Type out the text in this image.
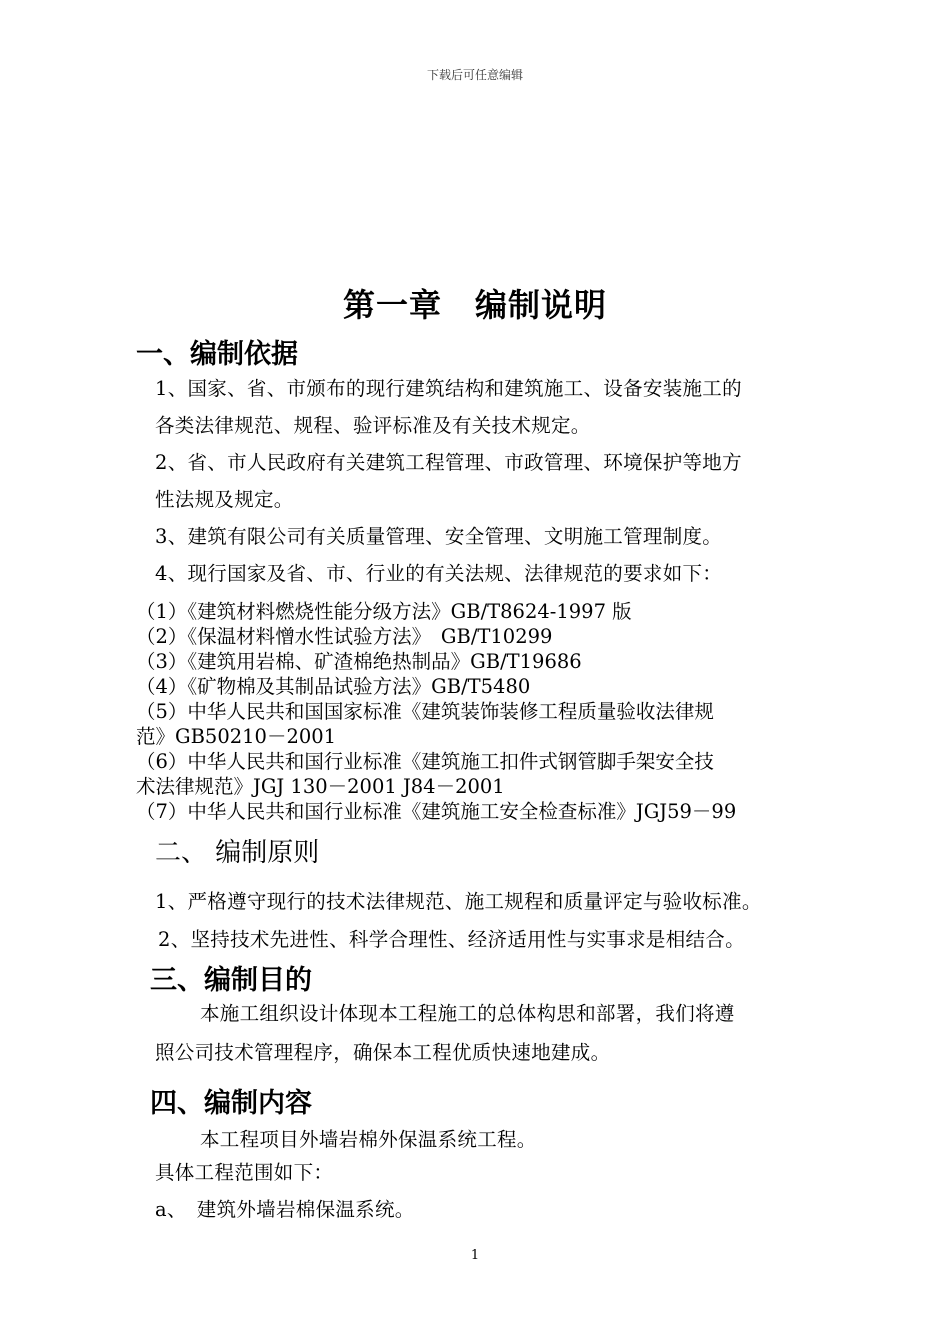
下载后可任意编辑
第一章　编制说明
一、编制依据
1、国家、省、市颁布的现行建筑结构和建筑施工、设备安装施工的
各类法律规范、规程、验评标准及有关技术规定。
2、省、市人民政府有关建筑工程管理、市政管理、环境保护等地方
性法规及规定。
3、建筑有限公司有关质量管理、安全管理、文明施工管理制度。
4、现行国家及省、市、行业的有关法规、法律规范的要求如下：
（1）《建筑材料燃烧性能分级方法》GB/T8624-1997 版
（2）《保温材料憎水性试验方法》　GB/T10299
（3）《建筑用岩棉、矿渣棉绝热制品》GB/T19686
（4）《矿物棉及其制品试验方法》GB/T5480
（5）中华人民共和国国家标准《建筑装饰装修工程质量验收法律规
范》GB50210－2001
（6）中华人民共和国行业标准《建筑施工扣件式钢管脚手架安全技
术法律规范》JGJ 130－2001 J84－2001
（7）中华人民共和国行业标准《建筑施工安全检查标准》JGJ59－99
二、 编制原则
1、严格遵守现行的技术法律规范、施工规程和质量评定与验收标准。
2、坚持技术先进性、科学合理性、经济适用性与实事求是相结合。
三、编制目的
本施工组织设计体现本工程施工的总体构思和部署，我们将遵
照公司技术管理程序，确保本工程优质快速地建成。
四、编制内容
本工程项目外墙岩棉外保温系统工程。
具体工程范围如下：
a、　建筑外墙岩棉保温系统。
1
